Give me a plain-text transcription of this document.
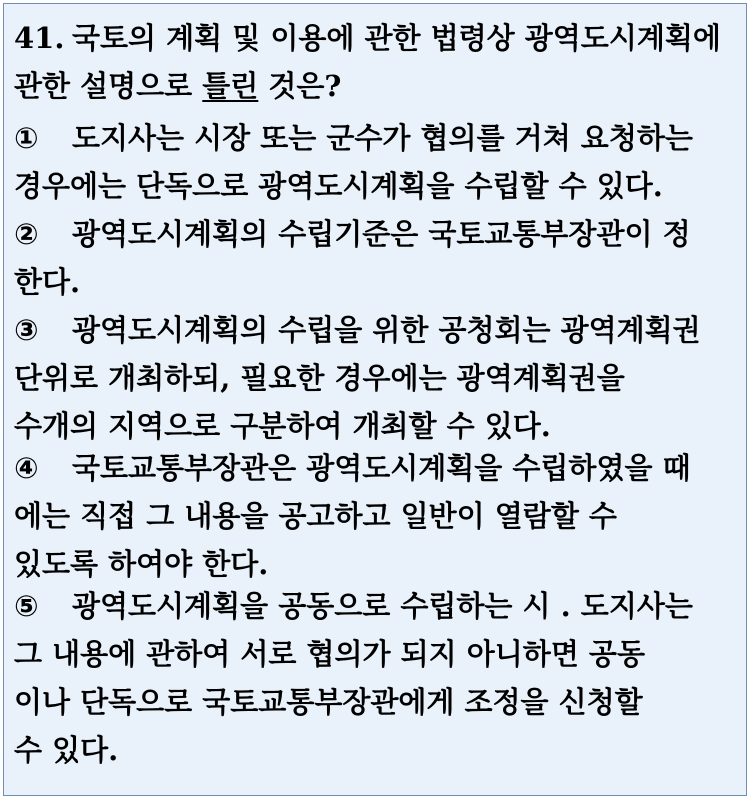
41. 국토의 계획 및 이용에 관한 법령상 광역도시계획에
관한 설명으로 틀린 것은?
①	도지사는 시장 또는 군수가 협의를 거쳐 요청하는
경우에는 단독으로 광역도시계획을 수립할 수 있다.
②	광역도시계획의 수립기준은 국토교통부장관이 정
한다.
③	광역도시계획의 수립을 위한 공청회는 광역계획권
단위로 개최하되, 필요한 경우에는 광역계획권을
수개의 지역으로 구분하여 개최할 수 있다.
④	국토교통부장관은 광역도시계획을 수립하였을 때
에는 직접 그 내용을 공고하고 일반이 열람할 수
있도록 하여야 한다.
⑤	광역도시계획을 공동으로 수립하는 시 . 도지사는
그 내용에 관하여 서로 협의가 되지 아니하면 공동
이나 단독으로 국토교통부장관에게 조정을 신청할
수 있다.
